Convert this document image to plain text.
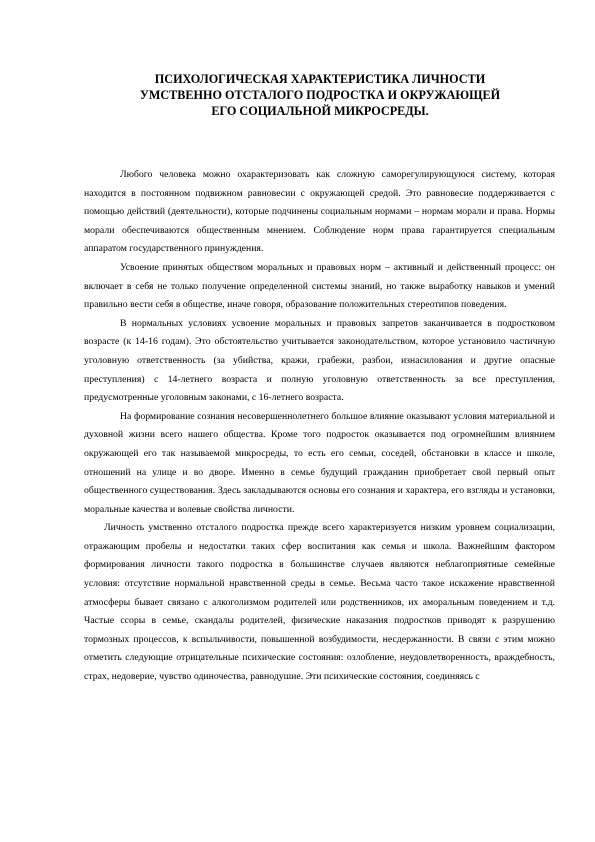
ПСИХОЛОГИЧЕСКАЯ ХАРАКТЕРИСТИКА ЛИЧНОСТИ
УМСТВЕННО ОТСТАЛОГО ПОДРОСТКА И ОКРУЖАЮЩЕЙ
ЕГО СОЦИАЛЬНОЙ МИКРОСРЕДЫ.

Любого человека можно охарактеризовать как сложную саморегулирующуюся систему, которая находится в постоянном подвижном равновесии с окружающей средой. Это равновесие поддерживается с помощью действий (деятельности), которые подчинены социальным нормами – нормам морали и права. Нормы морали обеспечиваются общественным мнением. Соблюдение норм права гарантируется специальным аппаратом государственного принуждения.

Усвоение принятых обществом моральных и правовых норм – активный и действенный процесс: он включает в себя не только получение определенной системы знаний, но также выработку навыков и умений правильно вести себя в обществе, иначе говоря, образование положительных стереотипов поведения.

В нормальных условиях усвоение моральных и правовых запретов заканчивается в подростковом возрасте (к 14-16 годам). Это обстоятельство учитывается законодательством, которое установило частичную уголовную ответственность (за убийства, кражи, грабежи, разбои, изнасилования и другие опасные преступления) с 14-летнего возраста и полную уголовную ответственность за все преступления, предусмотренные уголовным законами, с 16-летнего возраста.

На формирование сознания несовершеннолетнего большое влияние оказывают условия материальной и духовной жизни всего нашего общества. Кроме того подросток оказывается под огромнейшим влиянием окружающей его так называемой микросреды, то есть его семьи, соседей, обстановки в классе и школе, отношений на улице и во дворе. Именно в семье будущий гражданин приобретает свой первый опыт общественного существования. Здесь закладываются основы его сознания и характера, его взгляды и установки, моральные качества и волевые свойства личности.

Личность умственно отсталого подростка прежде всего характеризуется низким уровнем социализации, отражающим пробелы и недостатки таких сфер воспитания как семья и школа. Важнейшим фактором формирования личности такого подростка в большинстве случаев являются неблагоприятные семейные условия: отсутствие нормальной нравственной среды в семье. Весьма часто такое искажение нравственной атмосферы бывает связано с алкоголизмом родителей или родственников, их аморальным поведением и т.д. Частые ссоры в семье, скандалы родителей, физические наказания подростков приводят к разрушению тормозных процессов, к вспыльчивости, повышенной возбудимости, несдержанности. В связи с этим можно отметить следующие отрицательные психические состояния: озлобление, неудовлетворенность, враждебность, страх, недоверие, чувство одиночества, равнодушие. Эти психические состояния, соединяясь с
